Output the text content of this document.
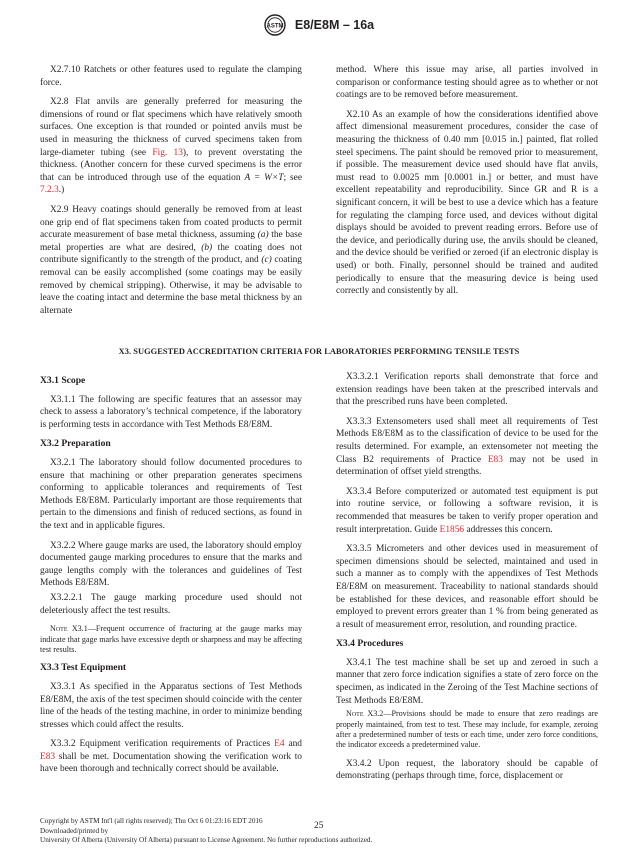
ASTM E8/E8M – 16a

X2.7.10 Ratchets or other features used to regulate the clamping force.

X2.8 Flat anvils are generally preferred for measuring the dimensions of round or flat specimens which have relatively smooth surfaces. One exception is that rounded or pointed anvils must be used in measuring the thickness of curved specimens taken from large-diameter tubing (see Fig. 13), to prevent overstating the thickness. (Another concern for these curved specimens is the error that can be introduced through use of the equation A = W×T; see 7.2.3.)

X2.9 Heavy coatings should generally be removed from at least one grip end of flat specimens taken from coated products to permit accurate measurement of base metal thickness, assuming (a) the base metal properties are what are desired, (b) the coating does not contribute significantly to the strength of the product, and (c) coating removal can be easily accomplished (some coatings may be easily removed by chemical stripping). Otherwise, it may be advisable to leave the coating intact and determine the base metal thickness by an alternate

method. Where this issue may arise, all parties involved in comparison or conformance testing should agree as to whether or not coatings are to be removed before measurement.

X2.10 As an example of how the considerations identified above affect dimensional measurement procedures, consider the case of measuring the thickness of 0.40 mm [0.015 in.] painted, flat rolled steel specimens. The paint should be removed prior to measurement, if possible. The measurement device used should have flat anvils, must read to 0.0025 mm [0.0001 in.] or better, and must have excellent repeatability and reproducibility. Since GR and R is a significant concern, it will be best to use a device which has a feature for regulating the clamping force used, and devices without digital displays should be avoided to prevent reading errors. Before use of the device, and periodically during use, the anvils should be cleaned, and the device should be verified or zeroed (if an electronic display is used) or both. Finally, personnel should be trained and audited periodically to ensure that the measuring device is being used correctly and consistently by all.

X3. SUGGESTED ACCREDITATION CRITERIA FOR LABORATORIES PERFORMING TENSILE TESTS
X3.1 Scope

X3.1.1 The following are specific features that an assessor may check to assess a laboratory’s technical competence, if the laboratory is performing tests in accordance with Test Methods E8/E8M.

X3.2 Preparation

X3.2.1 The laboratory should follow documented procedures to ensure that machining or other preparation generates specimens conforming to applicable tolerances and requirements of Test Methods E8/E8M. Particularly important are those requirements that pertain to the dimensions and finish of reduced sections, as found in the text and in applicable figures.

X3.2.2 Where gauge marks are used, the laboratory should employ documented gauge marking procedures to ensure that the marks and gauge lengths comply with the tolerances and guidelines of Test Methods E8/E8M.

X3.2.2.1 The gauge marking procedure used should not deleteriously affect the test results.

Note X3.1—Frequent occurrence of fracturing at the gauge marks may indicate that gage marks have excessive depth or sharpness and may be affecting test results.
X3.3 Test Equipment

X3.3.1 As specified in the Apparatus sections of Test Methods E8/E8M, the axis of the test specimen should coincide with the center line of the heads of the testing machine, in order to minimize bending stresses which could affect the results.

X3.3.2 Equipment verification requirements of Practices E4 and E83 shall be met. Documentation showing the verification work to have been thorough and technically correct should be available.

X3.3.2.1 Verification reports shall demonstrate that force and extension readings have been taken at the prescribed intervals and that the prescribed runs have been completed.

X3.3.3 Extensometers used shall meet all requirements of Test Methods E8/E8M as to the classification of device to be used for the results determined. For example, an extensometer not meeting the Class B2 requirements of Practice E83 may not be used in determination of offset yield strengths.

X3.3.4 Before computerized or automated test equipment is put into routine service, or following a software revision, it is recommended that measures be taken to verify proper operation and result interpretation. Guide E1856 addresses this concern.

X3.3.5 Micrometers and other devices used in measurement of specimen dimensions should be selected, maintained and used in such a manner as to comply with the appendixes of Test Methods E8/E8M on measurement. Traceability to national standards should be established for these devices, and reasonable effort should be employed to prevent errors greater than 1 % from being generated as a result of measurement error, resolution, and rounding practice.

X3.4 Procedures

X3.4.1 The test machine shall be set up and zeroed in such a manner that zero force indication signifies a state of zero force on the specimen, as indicated in the Zeroing of the Test Machine sections of Test Methods E8/E8M.

Note X3.2—Provisions should be made to ensure that zero readings are properly maintained, from test to test. These may include, for example, zeroing after a predetermined number of tests or each time, under zero force conditions, the indicator exceeds a predetermined value.

X3.4.2 Upon request, the laboratory should be capable of demonstrating (perhaps through time, force, displacement or

Copyright by ASTM Int'l (all rights reserved); Thu Oct 6 01:23:16 EDT 2016
Downloaded/printed by
University Of Alberta (University Of Alberta) pursuant to License Agreement. No further reproductions authorized.
25
